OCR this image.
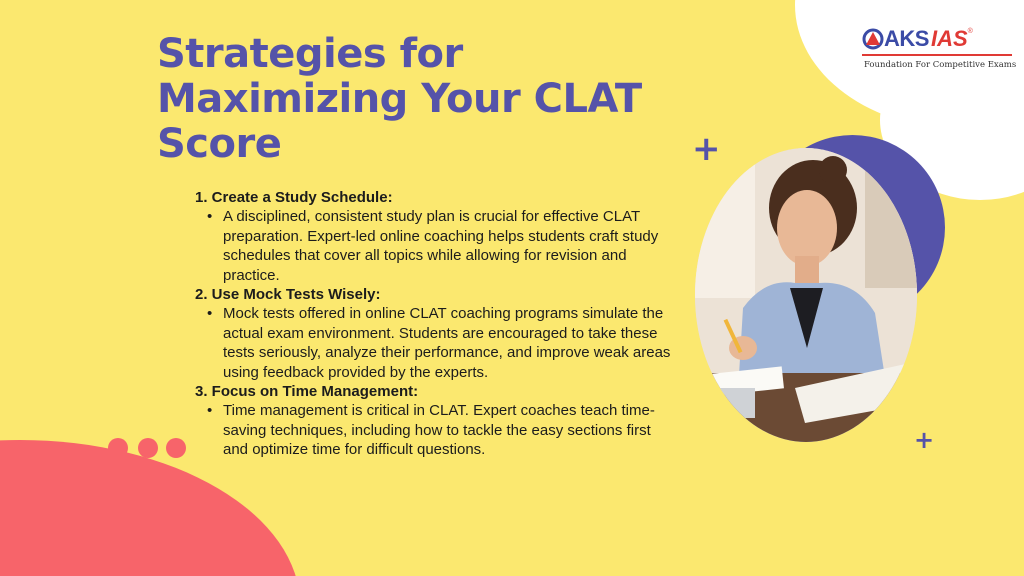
+
+
AKS IAS ®
Foundation For Competitive Exams
Strategies for Maximizing Your CLAT Score
1. Create a Study Schedule:
• A disciplined, consistent study plan is crucial for effective CLAT preparation. Expert-led online coaching helps students craft study schedules that cover all topics while allowing for revision and practice.
2. Use Mock Tests Wisely:
• Mock tests offered in online CLAT coaching programs simulate the actual exam environment. Students are encouraged to take these tests seriously, analyze their performance, and improve weak areas using feedback provided by the experts.
3. Focus on Time Management:
• Time management is critical in CLAT. Expert coaches teach time-saving techniques, including how to tackle the easy sections first and optimize time for difficult questions.
